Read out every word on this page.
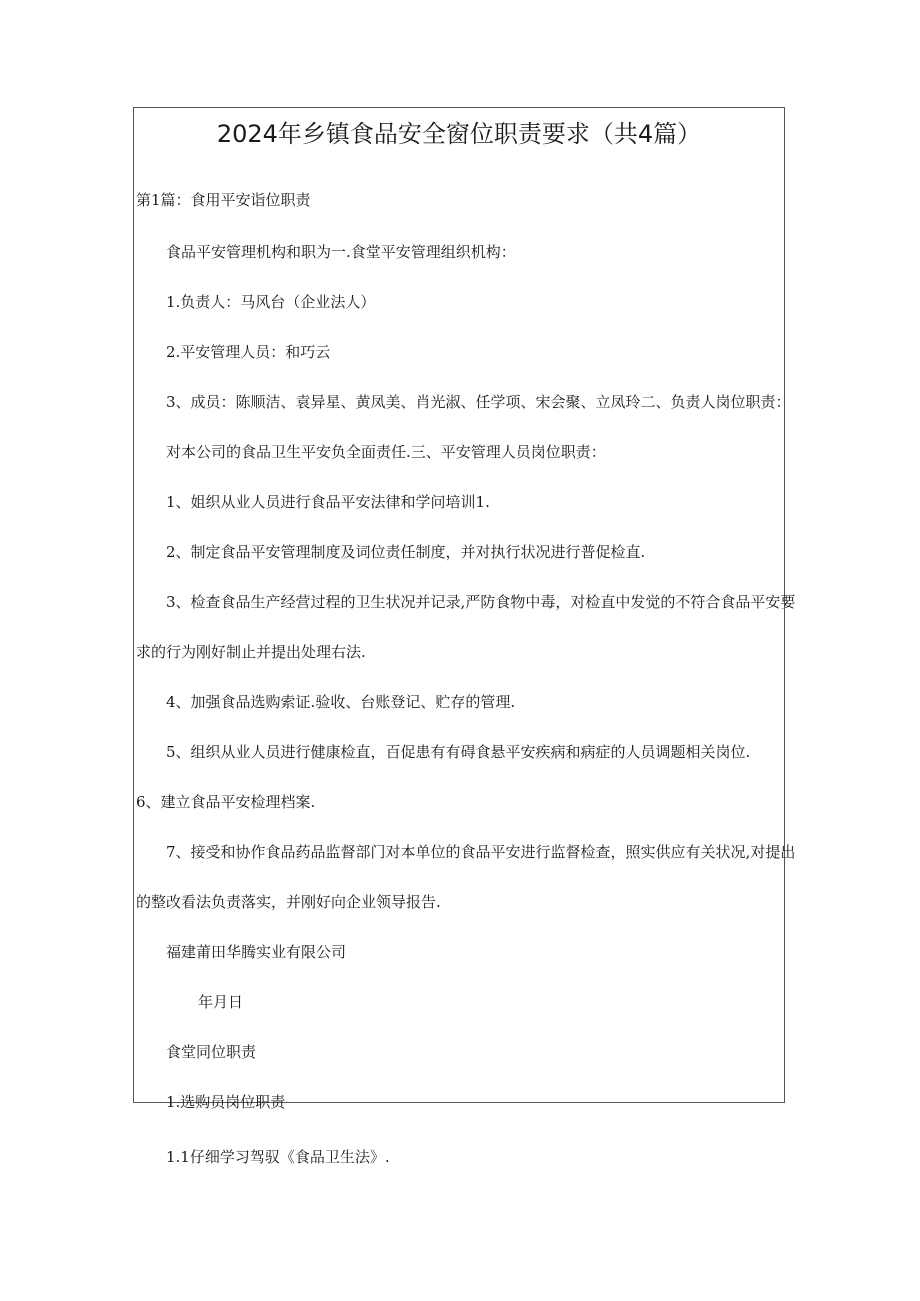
2024年乡镇食品安全窗位职责要求（共4篇）
第1篇：食用平安诣位职责
食品平安管理机构和职为一.食堂平安管理组织机构：
1.负责人：马风台（企业法人）
2.平安管理人员：和巧云
3、成员：陈顺洁、袁异星、黄凤美、肖光淑、任学项、宋会聚、立凤玲二、负责人岗位职责：
对本公司的食品卫生平安负全面责任.三、平安管理人员岗位职责：
1、姐织从业人员进行食品平安法律和学问培训1.
2、制定食品平安管理制度及词位责任制度，并对执行状况进行普促检直.
3、检查食品生产经营过程的卫生状况并记录,严防食物中毒，对检直中发觉的不符合食品平安要
求的行为刚好制止并提出处理右法.
4、加强食品选购索证.验收、台账登记、贮存的管理.
5、组织从业人员进行健康检直，百促患有有碍食悬平安疾病和病症的人员调题相关岗位.
6、建立食品平安检理档案.
7、接受和协作食品药品监督部门对本单位的食品平安进行监督检查，照实供应有关状况,对提出
的整改看法负责落实，并刚好向企业领导报告.
福建莆田华腾实业有限公司
年月日
食堂同位职责
1.选购员岗位职责
1.1仔细学习驾驭《食品卫生法》.
